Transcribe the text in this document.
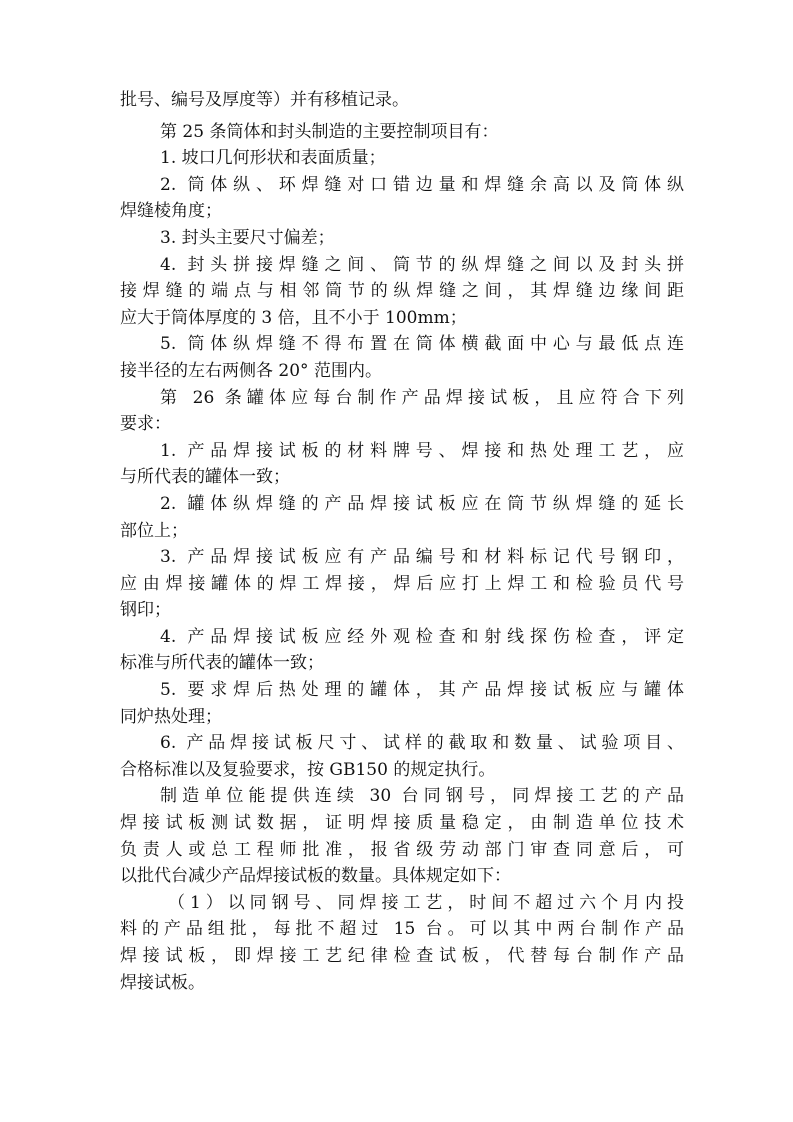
批号、编号及厚度等）并有移植记录。
第 25 条筒体和封头制造的主要控制项目有：
1. 坡口几何形状和表面质量；
2. 筒体纵、环焊缝对口错边量和焊缝余高以及筒体纵
焊缝棱角度；
3. 封头主要尺寸偏差；
4. 封头拼接焊缝之间、筒节的纵焊缝之间以及封头拼
接焊缝的端点与相邻筒节的纵焊缝之间，其焊缝边缘间距
应大于筒体厚度的 3 倍，且不小于 100mm；
5. 筒体纵焊缝不得布置在筒体横截面中心与最低点连
接半径的左右两侧各 20° 范围内。
第 26 条罐体应每台制作产品焊接试板，且应符合下列
要求：
1. 产品焊接试板的材料牌号、焊接和热处理工艺，应
与所代表的罐体一致；
2. 罐体纵焊缝的产品焊接试板应在筒节纵焊缝的延长
部位上；
3. 产品焊接试板应有产品编号和材料标记代号钢印，
应由焊接罐体的焊工焊接，焊后应打上焊工和检验员代号
钢印；
4. 产品焊接试板应经外观检查和射线探伤检查，评定
标准与所代表的罐体一致；
5. 要求焊后热处理的罐体，其产品焊接试板应与罐体
同炉热处理；
6. 产品焊接试板尺寸、试样的截取和数量、试验项目、
合格标准以及复验要求，按 GB150 的规定执行。
制造单位能提供连续 30 台同钢号，同焊接工艺的产品
焊接试板测试数据，证明焊接质量稳定，由制造单位技术
负责人或总工程师批准，报省级劳动部门审查同意后，可
以批代台减少产品焊接试板的数量。具体规定如下：
（1）以同钢号、同焊接工艺，时间不超过六个月内投
料的产品组批，每批不超过 15 台。可以其中两台制作产品
焊接试板，即焊接工艺纪律检查试板，代替每台制作产品
焊接试板。
